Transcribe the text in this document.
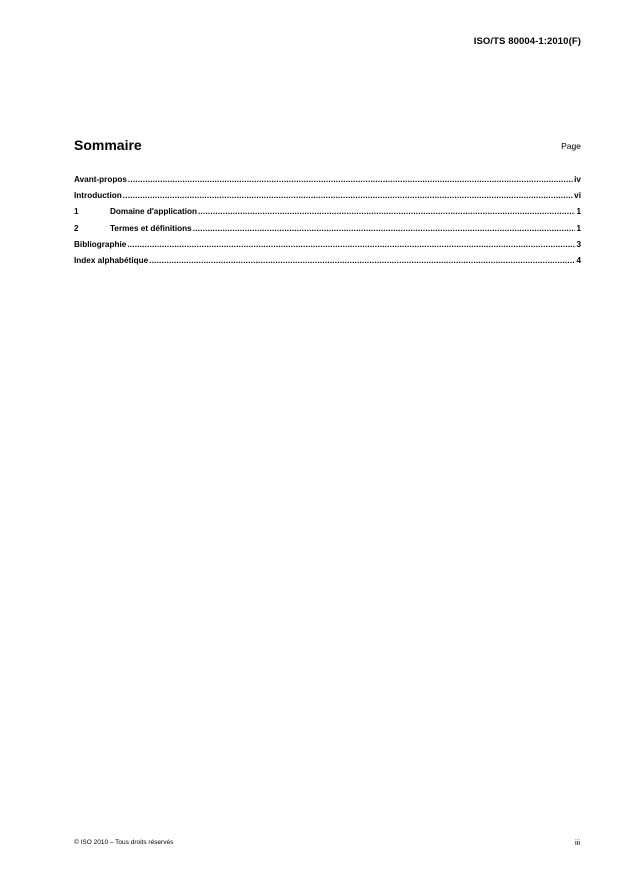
ISO/TS 80004-1:2010(F)
Sommaire	Page
Avant-propos .....	iv
Introduction .....	vi
1	Domaine d'application .....	1
2	Termes et définitions .....	1
Bibliographie .....	3
Index alphabétique .....	4
© ISO 2010 – Tous droits réservés	iii
